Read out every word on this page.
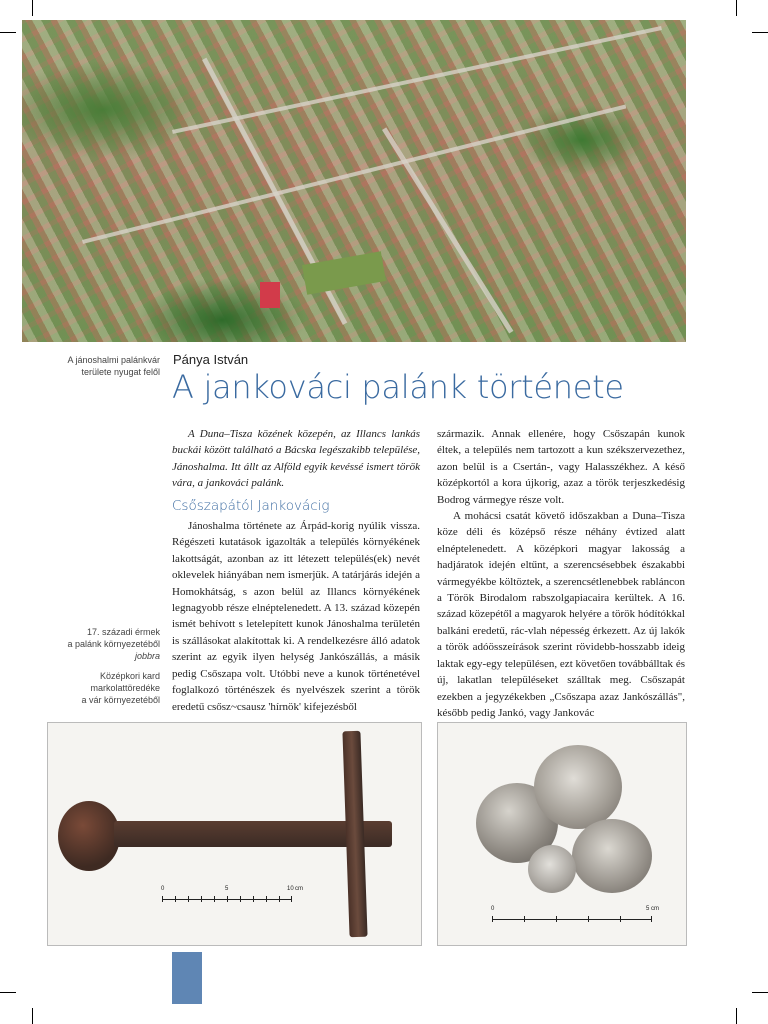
A jánoshalmi palánkvár
területe nyugat felől
Pánya István
A jankováci palánk története

A Duna–Tisza közének közepén, az Illancs lankás buckái között található a Bácska legészakibb települése, Jánoshalma. Itt állt az Alföld egyik kevéssé ismert török vára, a jankováci palánk.

Csőszapától Jankovácig

Jánoshalma története az Árpád-korig nyúlik vissza. Régészeti kutatások igazolták a település környékének lakottságát, azonban az itt létezett település(ek) nevét oklevelek hiányában nem ismerjük. A tatárjárás idején a Homokhátság, s azon belül az Illancs környékének legnagyobb része elnéptelenedett. A 13. század közepén ismét behívott s letelepített kunok Jánoshalma területén is szállásokat alakítottak ki. A rendelkezésre álló adatok szerint az egyik ilyen helység Jankószállás, a másik pedig Csőszapa volt. Utóbbi neve a kunok történetével foglalkozó történészek és nyelvészek szerint a török eredetű csősz~csausz 'hírnök' kifejezésből

származik. Annak ellenére, hogy Csőszapán kunok éltek, a település nem tartozott a kun székszervezethez, azon belül is a Csertán-, vagy Halasszékhez. A késő középkortól a kora újkorig, azaz a török terjeszkedésig Bodrog vármegye része volt.

A mohácsi csatát követő időszakban a Duna–Tisza köze déli és középső része néhány évtized alatt elnéptelenedett. A középkori magyar lakosság a hadjáratok idején eltűnt, a szerencsésebbek északabbi vármegyékbe költöztek, a szerencsétlenebbek rabláncon a Török Birodalom rabszolgapiacaira kerültek. A 16. század közepétől a magyarok helyére a török hódítókkal balkáni eredetű, rác-vlah népesség érkezett. Az új lakók a török adóösszeírások szerint rövidebb-hosszabb ideig laktak egy-egy településen, ezt követően továbbálltak és új, lakatlan településeket szálltak meg. Csőszapát ezekben a jegyzékekben „Csőszapa azaz Jankószállás", később pedig Jankó, vagy Jankovác

17. századi érmek
a palánk környezetéből
jobbra
Középkori kard
markolattöredéke
a vár környezetéből
0	5	10 cm
0	5 cm
